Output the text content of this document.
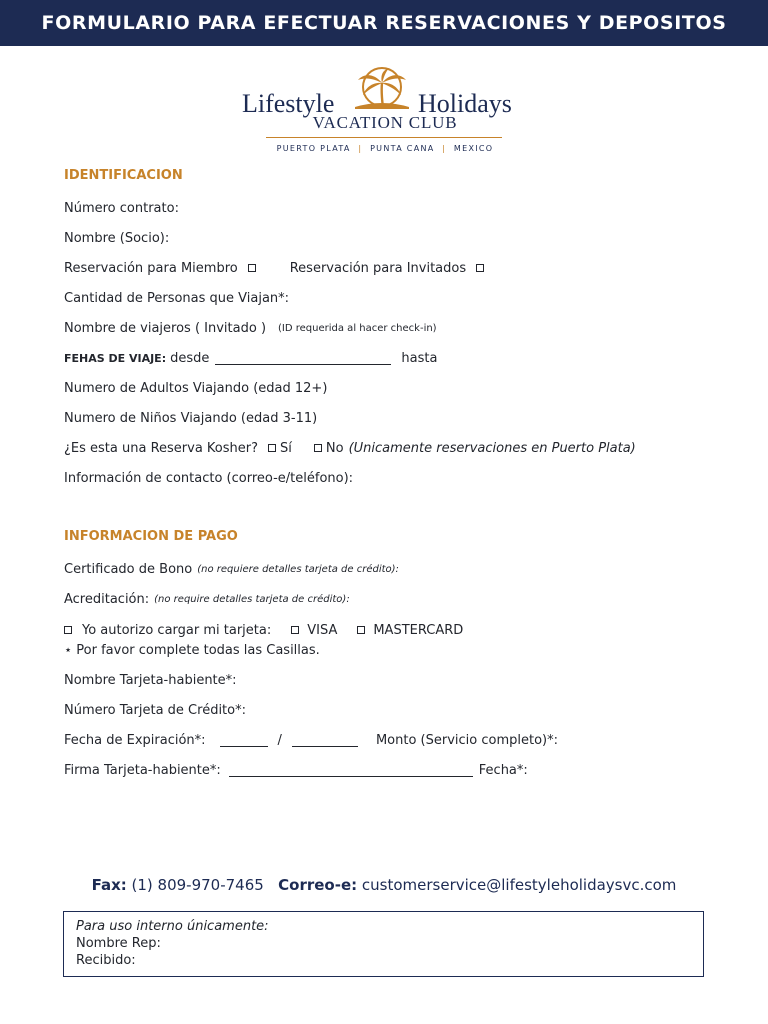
FORMULARIO PARA EFECTUAR RESERVACIONES Y DEPOSITOS
Lifestyle	Holidays
VACATION CLUB
PUERTO PLATA  |  PUNTA CANA  |  MEXICO
IDENTIFICACION
Número contrato:
Nombre (Socio):
Reservación para Miembro	Reservación para Invitados
Cantidad de Personas que Viajan*:
Nombre de viajeros ( Invitado ) (ID requerida al hacer check-in)
FEHAS DE VIAJE: desde	hasta
Numero de Adultos Viajando (edad 12+)
Numero de Niños Viajando (edad 3-11)
¿Es esta una Reserva Kosher? Sí	No (Unicamente reservaciones en Puerto Plata)
Información de contacto (correo-e/teléfono):
INFORMACION DE PAGO
Certificado de Bono (no requiere detalles tarjeta de crédito):
Acreditación: (no require detalles tarjeta de crédito):
Yo autorizo cargar mi tarjeta:	VISA	MASTERCARD
⋆ Por favor complete todas las Casillas.
Nombre Tarjeta-habiente*:
Número Tarjeta de Crédito*:
Fecha de Expiración*:	/	Monto (Servicio completo)*:
Firma Tarjeta-habiente*:	Fecha*:
Fax: (1) 809-970-7465 Correo-e: customerservice@lifestyleholidaysvc.com
Para uso interno únicamente:
Nombre Rep:
Recibido:
